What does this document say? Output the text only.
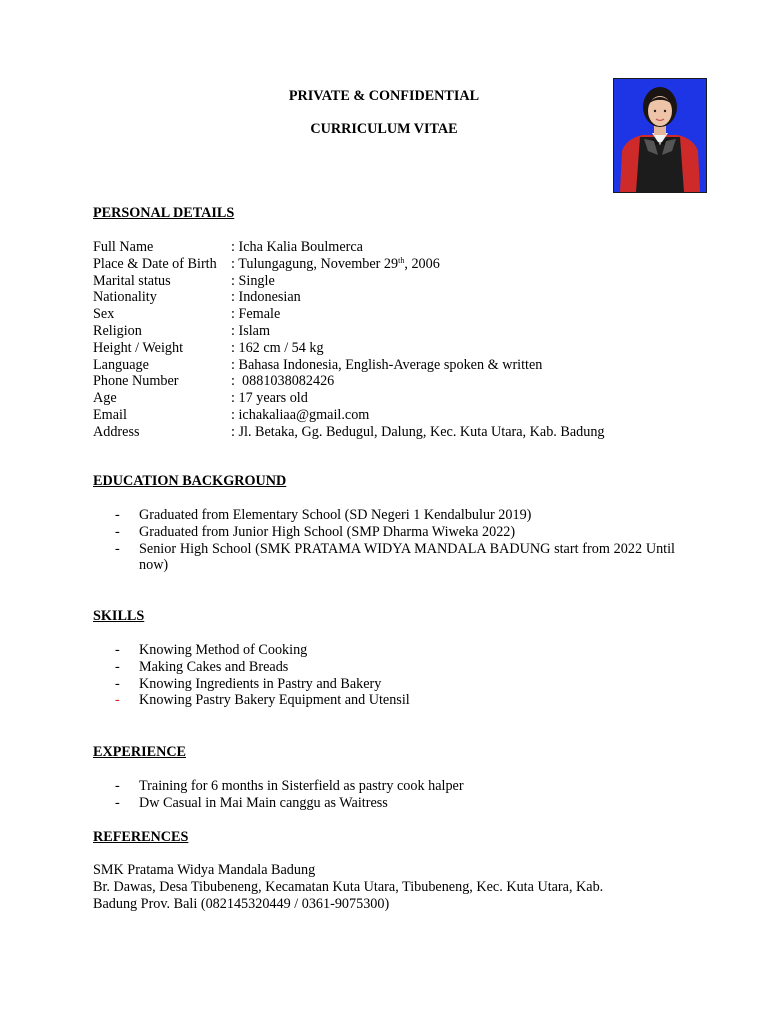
PRIVATE & CONFIDENTIAL
CURRICULUM VITAE
PERSONAL DETAILS
Full Name	: Icha Kalia Boulmerca
Place & Date of Birth	: Tulungagung, November 29th, 2006
Marital status	: Single
Nationality	: Indonesian
Sex	: Female
Religion	: Islam
Height / Weight	: 162 cm / 54 kg
Language	: Bahasa Indonesia, English-Average spoken & written
Phone Number	:  0881038082426
Age	: 17 years old
Email	: ichakaliaa@gmail.com
Address	: Jl. Betaka, Gg. Bedugul, Dalung, Kec. Kuta Utara, Kab. Badung
EDUCATION BACKGROUND
- Graduated from Elementary School (SD Negeri 1 Kendalbulur 2019)
- Graduated from Junior High School (SMP Dharma Wiweka 2022)
- Senior High School (SMK PRATAMA WIDYA MANDALA BADUNG start from 2022 Until now)
SKILLS
- Knowing Method of Cooking
- Making Cakes and Breads
- Knowing Ingredients in Pastry and Bakery
- Knowing Pastry Bakery Equipment and Utensil
EXPERIENCE
- Training for 6 months in Sisterfield as pastry cook halper
- Dw Casual in Mai Main canggu as Waitress
REFERENCES
SMK Pratama Widya Mandala Badung
Br. Dawas, Desa Tibubeneng, Kecamatan Kuta Utara, Tibubeneng, Kec. Kuta Utara, Kab.
Badung Prov. Bali (082145320449 / 0361-9075300)
